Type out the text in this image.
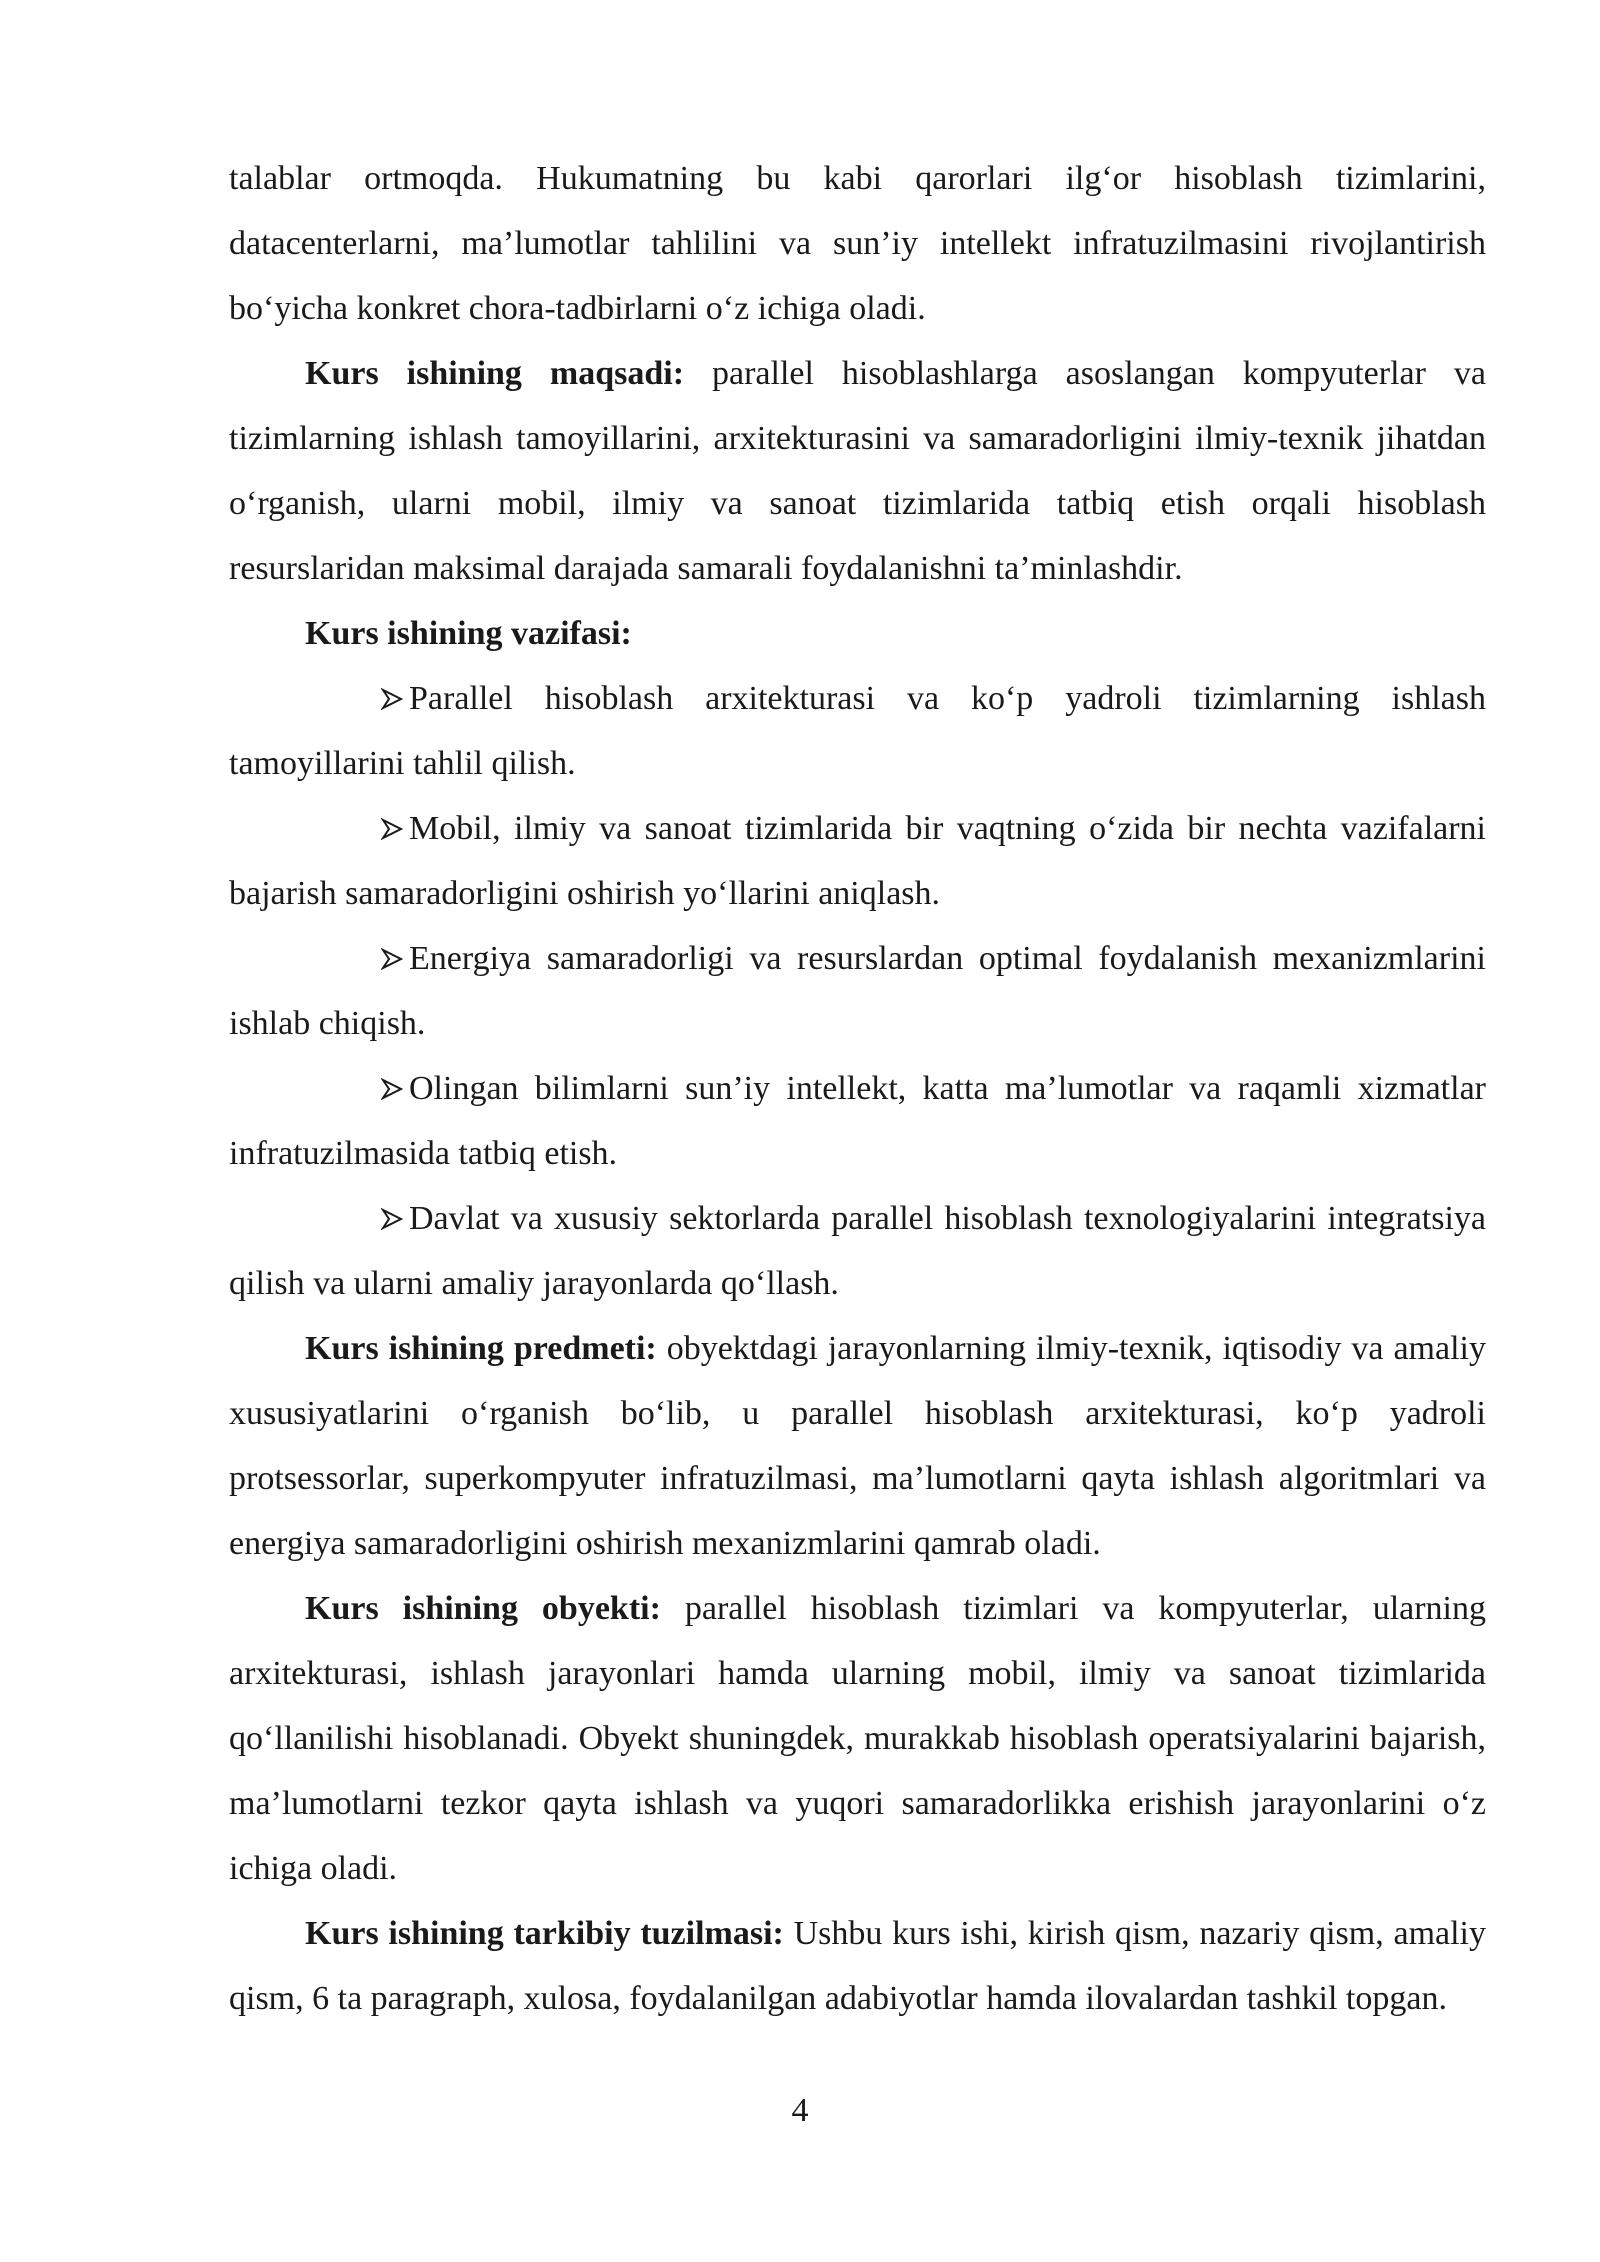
talablar ortmoqda. Hukumatning bu kabi qarorlari ilg‘or hisoblash tizimlarini, datacenterlarni, ma’lumotlar tahlilini va sun’iy intellekt infratuzilmasini rivojlantirish bo‘yicha konkret chora-tadbirlarni o‘z ichiga oladi.

Kurs ishining maqsadi: parallel hisoblashlarga asoslangan kompyuterlar va tizimlarning ishlash tamoyillarini, arxitekturasini va samaradorligini ilmiy-texnik jihatdan o‘rganish, ularni mobil, ilmiy va sanoat tizimlarida tatbiq etish orqali hisoblash resurslaridan maksimal darajada samarali foydalanishni ta’minlashdir.

Kurs ishining vazifasi:

Parallel hisoblash arxitekturasi va ko‘p yadroli tizimlarning ishlash tamoyillarini tahlil qilish.

Mobil, ilmiy va sanoat tizimlarida bir vaqtning o‘zida bir nechta vazifalarni bajarish samaradorligini oshirish yo‘llarini aniqlash.

Energiya samaradorligi va resurslardan optimal foydalanish mexanizmlarini ishlab chiqish.

Olingan bilimlarni sun’iy intellekt, katta ma’lumotlar va raqamli xizmatlar infratuzilmasida tatbiq etish.

Davlat va xususiy sektorlarda parallel hisoblash texnologiyalarini integratsiya qilish va ularni amaliy jarayonlarda qo‘llash.

Kurs ishining predmeti: obyektdagi jarayonlarning ilmiy-texnik, iqtisodiy va amaliy xususiyatlarini o‘rganish bo‘lib, u parallel hisoblash arxitekturasi, ko‘p yadroli protsessorlar, superkompyuter infratuzilmasi, ma’lumotlarni qayta ishlash algoritmlari va energiya samaradorligini oshirish mexanizmlarini qamrab oladi.

Kurs ishining obyekti: parallel hisoblash tizimlari va kompyuterlar, ularning arxitekturasi, ishlash jarayonlari hamda ularning mobil, ilmiy va sanoat tizimlarida qo‘llanilishi hisoblanadi. Obyekt shuningdek, murakkab hisoblash operatsiyalarini bajarish, ma’lumotlarni tezkor qayta ishlash va yuqori samaradorlikka erishish jarayonlarini o‘z ichiga oladi.

Kurs ishining tarkibiy tuzilmasi: Ushbu kurs ishi, kirish qism, nazariy qism, amaliy qism, 6 ta paragraph, xulosa, foydalanilgan adabiyotlar hamda ilovalardan tashkil topgan.

4
